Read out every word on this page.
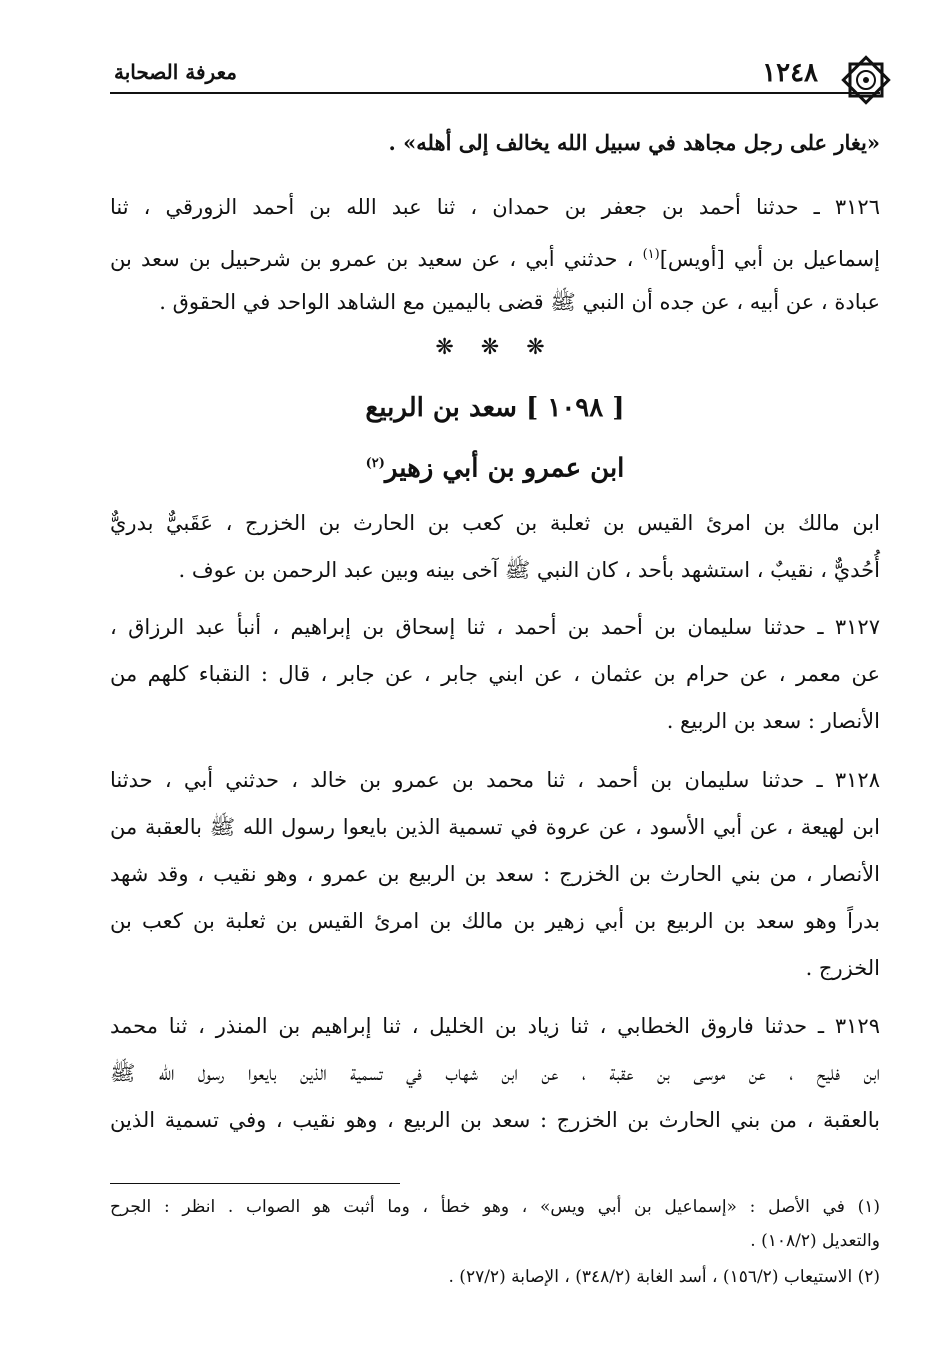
١٢٤٨
معرفة الصحابة
«يغار على رجل مجاهد في سبيل الله يخالف إلى أهله» .
٣١٢٦ ـ حدثنا أحمد بن جعفر بن حمدان ، ثنا عبد الله بن أحمد الزورقي ، ثنا
إسماعيل بن أبي [أويس]$^{(١)}$ ، حدثني أبي ، عن سعيد بن عمرو بن شرحبيل بن سعد بن
عبادة ، عن أبيه ، عن جده أن النبي ﷺ قضى باليمين مع الشاهد الواحد في الحقوق .
❋ ❋ ❋
[ ١٠٩٨ ] سعد بن الربيع
ابن عمرو بن أبي زهير$^{(٢)}$
ابن مالك بن امرئ القيس بن ثعلبة بن كعب بن الحارث بن الخزرج ، عَقَبيٌّ بدريٌّ
أُحُديٌّ ، نقيبٌ ، استشهد بأحد ، كان النبي ﷺ آخى بينه وبين عبد الرحمن بن عوف .
٣١٢٧ ـ حدثنا سليمان بن أحمد بن أحمد ، ثنا إسحاق بن إبراهيم ، أنبأ عبد الرزاق ،
عن معمر ، عن حرام بن عثمان ، عن ابني جابر ، عن جابر ، قال : النقباء كلهم من
الأنصار : سعد بن الربيع .
٣١٢٨ ـ حدثنا سليمان بن أحمد ، ثنا محمد بن عمرو بن خالد ، حدثني أبي ، حدثنا
ابن لهيعة ، عن أبي الأسود ، عن عروة في تسمية الذين بايعوا رسول الله ﷺ بالعقبة من
الأنصار ، من بني الحارث بن الخزرج : سعد بن الربيع بن عمرو ، وهو نقيب ، وقد شهد
بدراً وهو سعد بن الربيع بن أبي زهير بن مالك بن امرئ القيس بن ثعلبة بن كعب بن
الخزرج .
٣١٢٩ ـ حدثنا فاروق الخطابي ، ثنا زياد بن الخليل ، ثنا إبراهيم بن المنذر ، ثنا محمد
ابن فليح ، عن موسى بن عقبة ، عن ابن شهاب في تسمية الذين بايعوا رسول الله ﷺ
بالعقبة ، من بني الحارث بن الخزرج : سعد بن الربيع ، وهو نقيب ، وفي تسمية الذين
(١) في الأصل : «إسماعيل بن أبي ويس» ، وهو خطأ ، وما أثبت هو الصواب . انظر : الجرح
والتعديل (١٠٨/٢) .
(٢) الاستيعاب (١٥٦/٢) ، أسد الغابة (٣٤٨/٢) ، الإصابة (٢٧/٢) .
